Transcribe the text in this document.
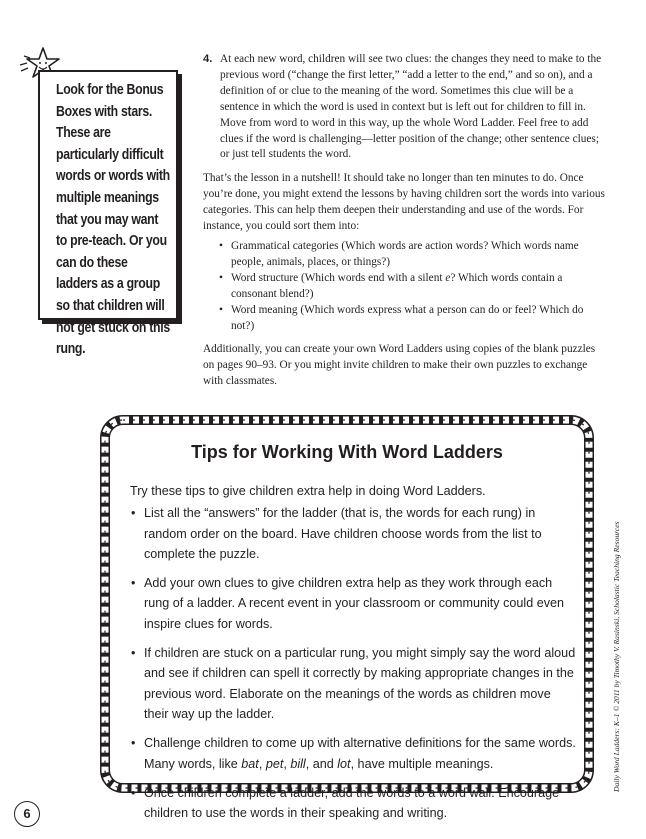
Look for the Bonus Boxes with stars. These are particularly difficult words or words with multiple meanings that you may want to pre-teach. Or you can do these ladders as a group so that children will not get stuck on this rung.
4. At each new word, children will see two clues: the changes they need to make to the previous word (“change the first letter,” “add a letter to the end,” and so on), and a definition of or clue to the meaning of the word. Sometimes this clue will be a sentence in which the word is used in context but is left out for children to fill in. Move from word to word in this way, up the whole Word Ladder. Feel free to add clues if the word is challenging—letter position of the change; other sentence clues; or just tell students the word.

That’s the lesson in a nutshell! It should take no longer than ten minutes to do. Once you’re done, you might extend the lessons by having children sort the words into various categories. This can help them deepen their understanding and use of the words. For instance, you could sort them into:

• Grammatical categories (Which words are action words? Which words name people, animals, places, or things?)
• Word structure (Which words end with a silent e? Which words contain a consonant blend?)
• Word meaning (Which words express what a person can do or feel? Which do not?)

Additionally, you can create your own Word Ladders using copies of the blank puzzles on pages 90–93. Or you might invite children to make their own puzzles to exchange with classmates.

Tips for Working With Word Ladders

Try these tips to give children extra help in doing Word Ladders.

• List all the “answers” for the ladder (that is, the words for each rung) in random order on the board. Have children choose words from the list to complete the puzzle.
• Add your own clues to give children extra help as they work through each rung of a ladder. A recent event in your classroom or community could even inspire clues for words.
• If children are stuck on a particular rung, you might simply say the word aloud and see if children can spell it correctly by making appropriate changes in the previous word. Elaborate on the meanings of the words as children move their way up the ladder.
• Challenge children to come up with alternative definitions for the same words. Many words, like bat, pet, bill, and lot, have multiple meanings.
• Once children complete a ladder, add the words to a word wall. Encourage children to use the words in their speaking and writing.
Daily Word Ladders: K–1 © 2011 by Timothy V. Rasinski, Scholastic Teaching Resources
6
